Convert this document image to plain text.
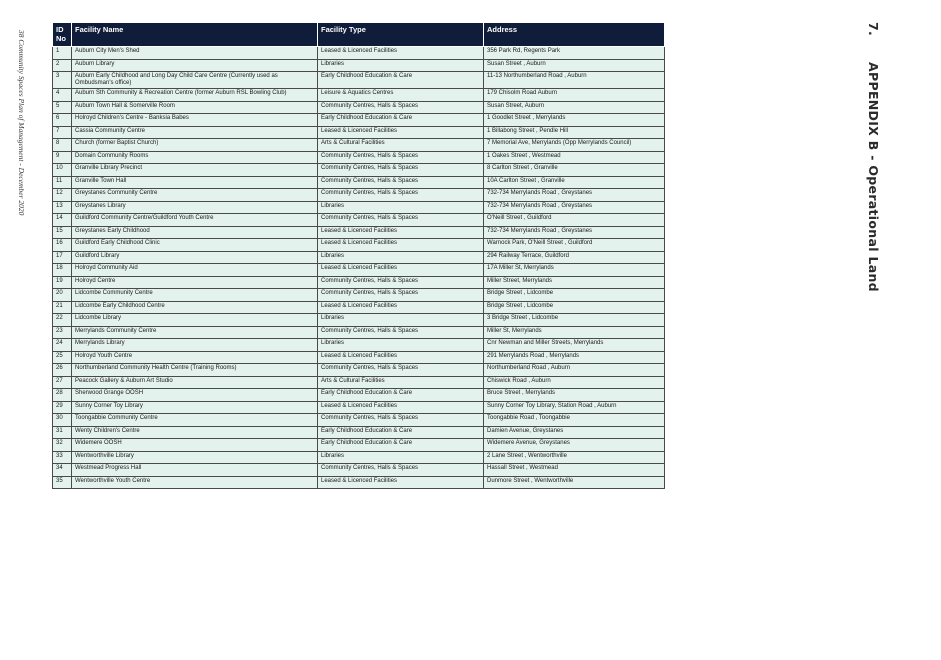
38 Community Spaces Plan of Management - December 2020
7.APPENDIX B - Operational Land
ID No	Facility Name	Facility Type	Address
1	Auburn City Men's Shed	Leased & Licenced Facilities	356 Park Rd, Regents Park
2	Auburn Library	Libraries	Susan Street , Auburn
3	Auburn Early Childhood and Long Day Child Care Centre (Currently used as Ombudsman's office)	Early Childhood Education & Care	11-13 Northumberland Road , Auburn
4	Auburn Sth Community & Recreation Centre (former Auburn RSL Bowling Club)	Leisure & Aquatics Centres	179 Chisolm Road Auburn
5	Auburn Town Hall & Somerville Room	Community Centres, Halls & Spaces	Susan Street, Auburn
6	Holroyd Children's Centre - Banksia Babes	Early Childhood Education & Care	1 Goodlet Street , Merrylands
7	Cassia Community Centre	Leased & Licenced Facilities	1 Billabong Street , Pendle Hill
8	Church (former Baptist Church)	Arts & Cultural Facilities	7 Memorial Ave, Merrylands (Opp Merrylands Council)
9	Domain Community Rooms	Community Centres, Halls & Spaces	1 Oakes Street , Westmead
10	Granville Library Precinct	Community Centres, Halls & Spaces	8 Carlton Street , Granville
11	Granville Town Hall	Community Centres, Halls & Spaces	10A Carlton Street , Granville
12	Greystanes Community Centre	Community Centres, Halls & Spaces	732-734 Merrylands Road , Greystanes
13	Greystanes Library	Libraries	732-734 Merrylands Road , Greystanes
14	Guildford Community Centre/Guildford Youth Centre	Community Centres, Halls & Spaces	O'Neill Street , Guildford
15	Greystanes Early Childhood	Leased & Licenced Facilities	732-734 Merrylands Road , Greystanes
16	Guildford Early Childhood Clinic	Leased & Licenced Facilities	Warnock Park, O'Neill Street , Guildford
17	Guildford Library	Libraries	294 Railway Terrace, Guildford
18	Holroyd Community Aid	Leased & Licenced Facilities	17A Miller St, Merrylands
19	Holroyd Centre	Community Centres, Halls & Spaces	Miller Street, Merrylands
20	Lidcombe Community Centre	Community Centres, Halls & Spaces	Bridge Street , Lidcombe
21	Lidcombe Early Childhood Centre	Leased & Licenced Facilities	Bridge Street , Lidcombe
22	Lidcombe Library	Libraries	3 Bridge Street , Lidcombe
23	Merrylands Community Centre	Community Centres, Halls & Spaces	Miller St, Merrylands
24	Merrylands Library	Libraries	Cnr Newman and Miller Streets, Merrylands
25	Holroyd Youth Centre	Leased & Licenced Facilities	291 Merrylands Road , Merrylands
26	Northumberland Community Health Centre (Training Rooms)	Community Centres, Halls & Spaces	Northumberland Road , Auburn
27	Peacock Gallery & Auburn Art Studio	Arts & Cultural Facilities	Chiswick Road , Auburn
28	Sherwood Grange OOSH	Early Childhood Education & Care	Bruce Street , Merrylands
29	Sunny Corner Toy Library	Leased & Licenced Facilities	Sunny Corner Toy Library, Station Road , Auburn
30	Toongabbie Community Centre	Community Centres, Halls & Spaces	Toongabbie Road , Toongabbie
31	Wenty Children's Centre	Early Childhood Education & Care	Damien Avenue, Greystanes
32	Widemere OOSH	Early Childhood Education & Care	Widemere Avenue, Greystanes
33	Wentworthville Library	Libraries	2 Lane Street , Wentworthville
34	Westmead Progress Hall	Community Centres, Halls & Spaces	Hassall Street , Westmead
35	Wentworthville Youth Centre	Leased & Licenced Facilities	Dunmore Street , Wentworthville
